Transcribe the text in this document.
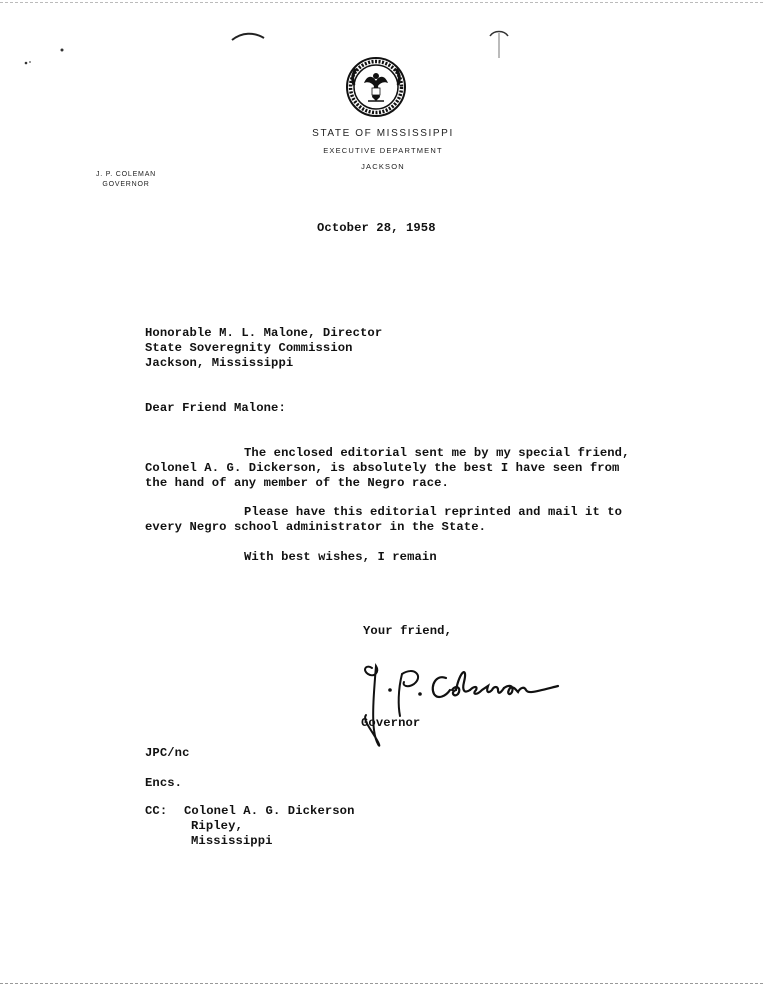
STATE OF MISSISSIPPI
EXECUTIVE DEPARTMENT
JACKSON
J. P. COLEMAN
GOVERNOR
October 28, 1958
Honorable M. L. Malone, Director
State Soveregnity Commission
Jackson, Mississippi
Dear Friend Malone:
The enclosed editorial sent me by my special friend,
Colonel A. G. Dickerson, is absolutely the best I have seen from
the hand of any member of the Negro race.
Please have this editorial reprinted and mail it to
every Negro school administrator in the State.
With best wishes, I remain
Your friend,
Governor
JPC/nc
Encs.
CC: Colonel A. G. Dickerson
Ripley,
Mississippi
